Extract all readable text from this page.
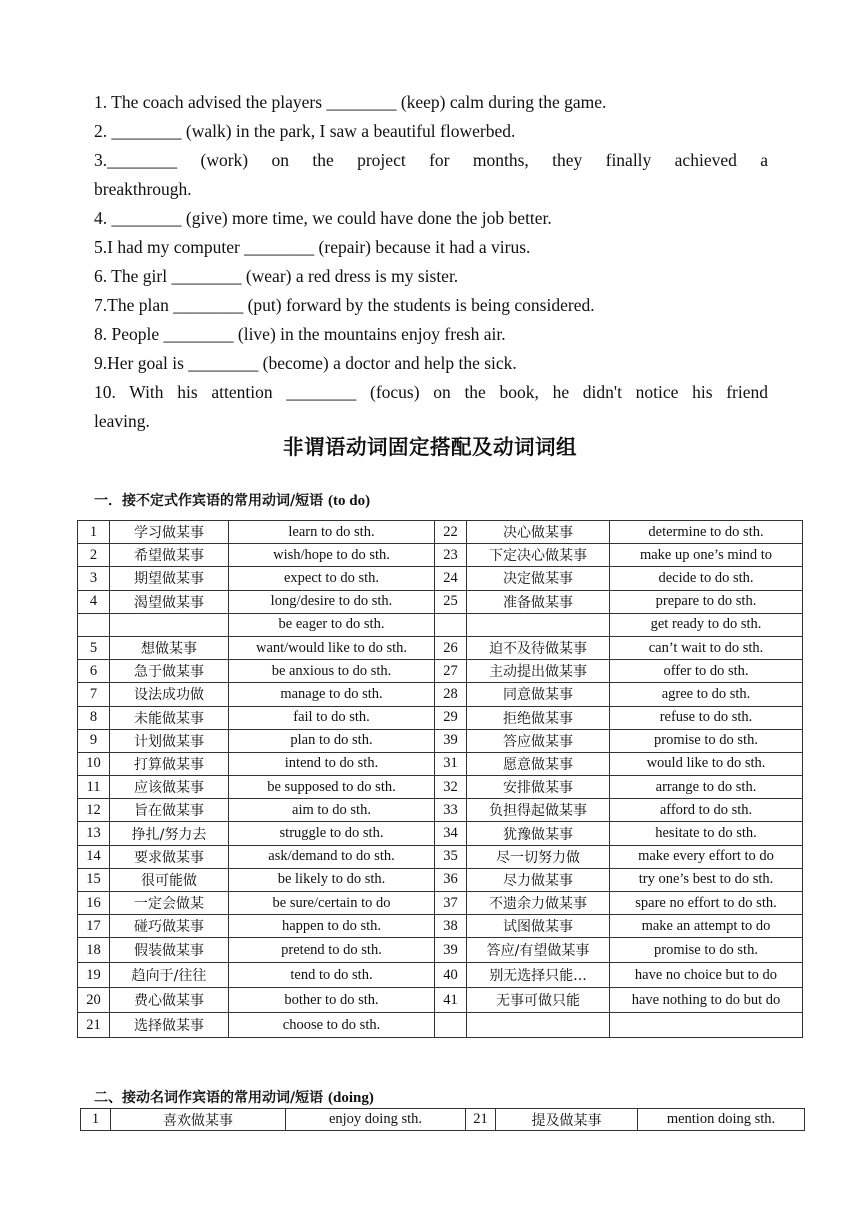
1. The coach advised the players ________ (keep) calm during the game.

2. ________ (walk) in the park, I saw a beautiful flowerbed.

3.________ (work) on the project for months, they finally achieved a

breakthrough.

4. ________ (give) more time, we could have done the job better.

5.I had my computer ________ (repair) because it had a virus.

6. The girl ________ (wear) a red dress is my sister.

7.The plan ________ (put) forward by the students is being considered.

8. People ________ (live) in the mountains enjoy fresh air.

9.Her goal is ________ (become) a doctor and help the sick.

10. With his attention ________ (focus) on the book, he didn't notice his friend

leaving.

非谓语动词固定搭配及动词词组
一．接不定式作宾语的常用动词/短语 (to do)
1	学习做某事	learn to do sth.	22	决心做某事	determine to do sth.
2	希望做某事	wish/hope to do sth.	23	下定决心做某事	make up one’s mind to
3	期望做某事	expect to do sth.	24	决定做某事	decide to do sth.
4	渴望做某事	long/desire to do sth.	25	准备做某事	prepare to do sth.
		be eager to do sth.			get ready to do sth.
5	想做某事	want/would like to do sth.	26	迫不及待做某事	can’t wait to do sth.
6	急于做某事	be anxious to do sth.	27	主动提出做某事	offer to do sth.
7	设法成功做	manage to do sth.	28	同意做某事	agree to do sth.
8	未能做某事	fail to do sth.	29	拒绝做某事	refuse to do sth.
9	计划做某事	plan to do sth.	39	答应做某事	promise to do sth.
10	打算做某事	intend to do sth.	31	愿意做某事	would like to do sth.
11	应该做某事	be supposed to do sth.	32	安排做某事	arrange to do sth.
12	旨在做某事	aim to do sth.	33	负担得起做某事	afford to do sth.
13	挣扎/努力去	struggle to do sth.	34	犹豫做某事	hesitate to do sth.
14	要求做某事	ask/demand to do sth.	35	尽一切努力做	make every effort to do
15	很可能做	be likely to do sth.	36	尽力做某事	try one’s best to do sth.
16	一定会做某	be sure/certain to do	37	不遗余力做某事	spare no effort to do sth.
17	碰巧做某事	happen to do sth.	38	试图做某事	make an attempt to do
18	假装做某事	pretend to do sth.	39	答应/有望做某事	promise to do sth.
19	趋向于/往往	tend to do sth.	40	别无选择只能...	have no choice but to do
20	费心做某事	bother to do sth.	41	无事可做只能	have nothing to do but do
21	选择做某事	choose to do sth.			
二、接动名词作宾语的常用动词/短语 (doing)
1	喜欢做某事	enjoy doing sth.	21	提及做某事	mention doing sth.
